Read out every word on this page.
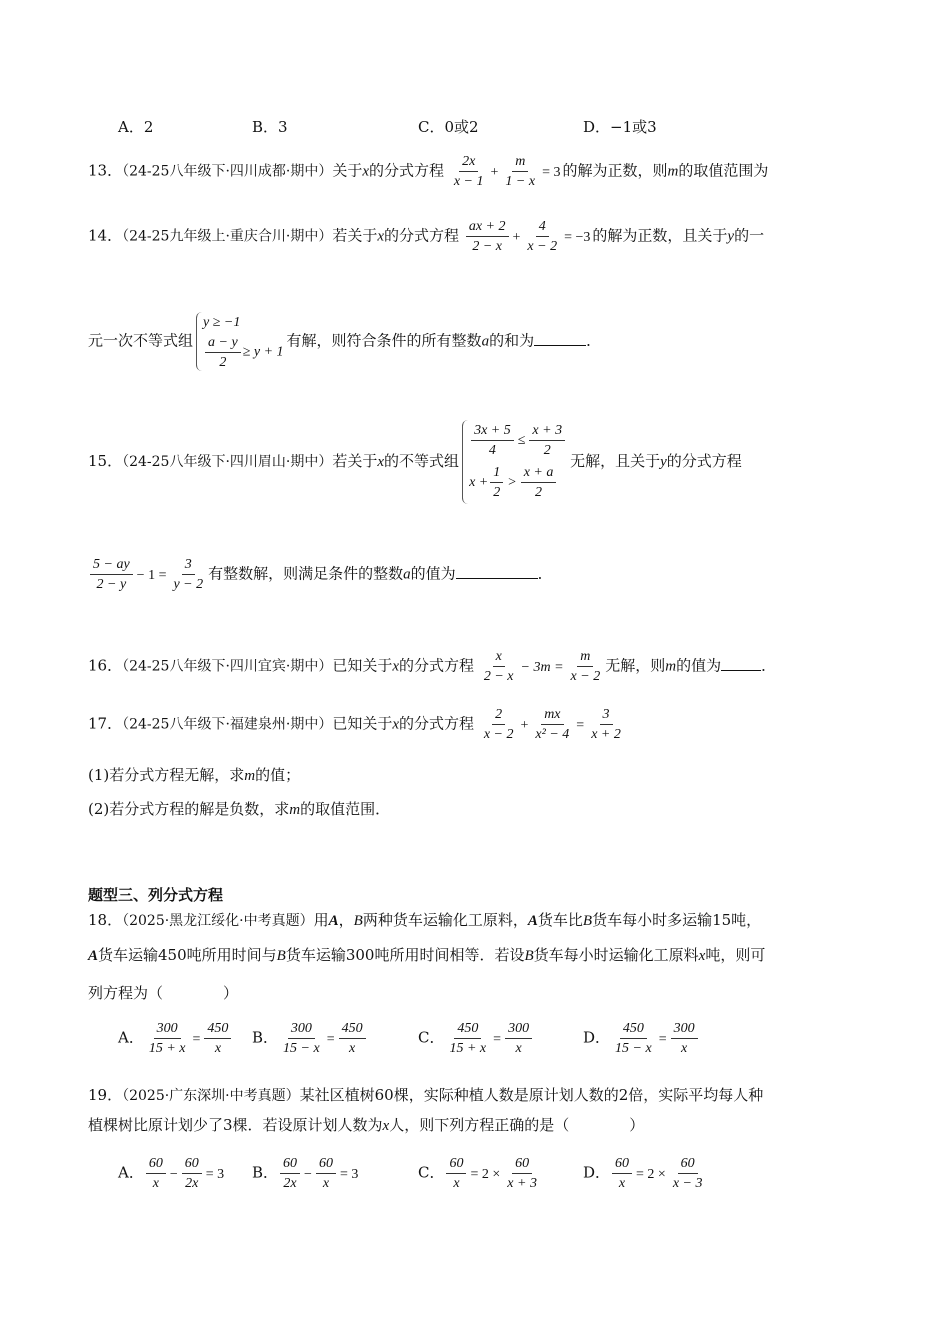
A．2	B．3	C．0或2	D．−1或3
13．（24-25八年级下·四川成都·期中）关于x的分式方程 $\frac{2x}{x - 1} + \frac{m}{1 - x} = 3$ 的解为正数，则m的取值范围为
14．（24-25九年级上·重庆合川·期中）若关于x的分式方程 $\frac{ax + 2}{2 - x} + \frac{4}{x - 2} = -3$ 的解为正数，且关于y的一
元一次不等式组
y ≥ −1
$\frac{a - y}{2} \ge y + 1$
有解，则符合条件的所有整数a的和为	．
15．（24-25八年级下·四川眉山·期中）若关于x的不等式组
$\frac{3x + 5}{4} \le \frac{x + 3}{2}$
$x + \frac{1}{2} > \frac{x + a}{2}$
无解，且关于y的分式方程
$\frac{5 - ay}{2 - y} - 1 = \frac{3}{y - 2}$ 有整数解，则满足条件的整数a的值为	．
16．（24-25八年级下·四川宜宾·期中）已知关于x的分式方程 $\frac{x}{2 - x} - 3m = \frac{m}{x - 2}$ 无解，则m的值为	．
17．（24-25八年级下·福建泉州·期中）已知关于x的分式方程 $\frac{2}{x - 2} + \frac{mx}{\text{x² − 4}} = \frac{3}{x + 2}$
(1)若分式方程无解，求m的值；
(2)若分式方程的解是负数，求m的取值范围．
题型三、列分式方程
18．（2025·黑龙江绥化·中考真题）用A，B两种货车运输化工原料，A货车比B货车每小时多运输15吨，
A货车运输450吨所用时间与B货车运输300吨所用时间相等．若设B货车每小时运输化工原料x吨，则可
列方程为（　　　　）
A． $\frac{300}{15 + x} = \frac{450}{x}$ B． $\frac{300}{15 - x} = \frac{450}{x}$	C． $\frac{450}{15 + x} = \frac{300}{x}$	D． $\frac{450}{15 - x} = \frac{300}{x}$
19．（2025·广东深圳·中考真题）某社区植树60棵，实际种植人数是原计划人数的2倍，实际平均每人种
植棵树比原计划少了3棵．若设原计划人数为x人，则下列方程正确的是（　　　　）
A． $\frac{60}{x} - \frac{60}{2x} = 3$ B． $\frac{60}{2x} - \frac{60}{x} = 3$	C． $\frac{60}{x} = 2 \times \frac{60}{x + 3}$	D． $\frac{60}{x} = 2 \times \frac{60}{x - 3}$
